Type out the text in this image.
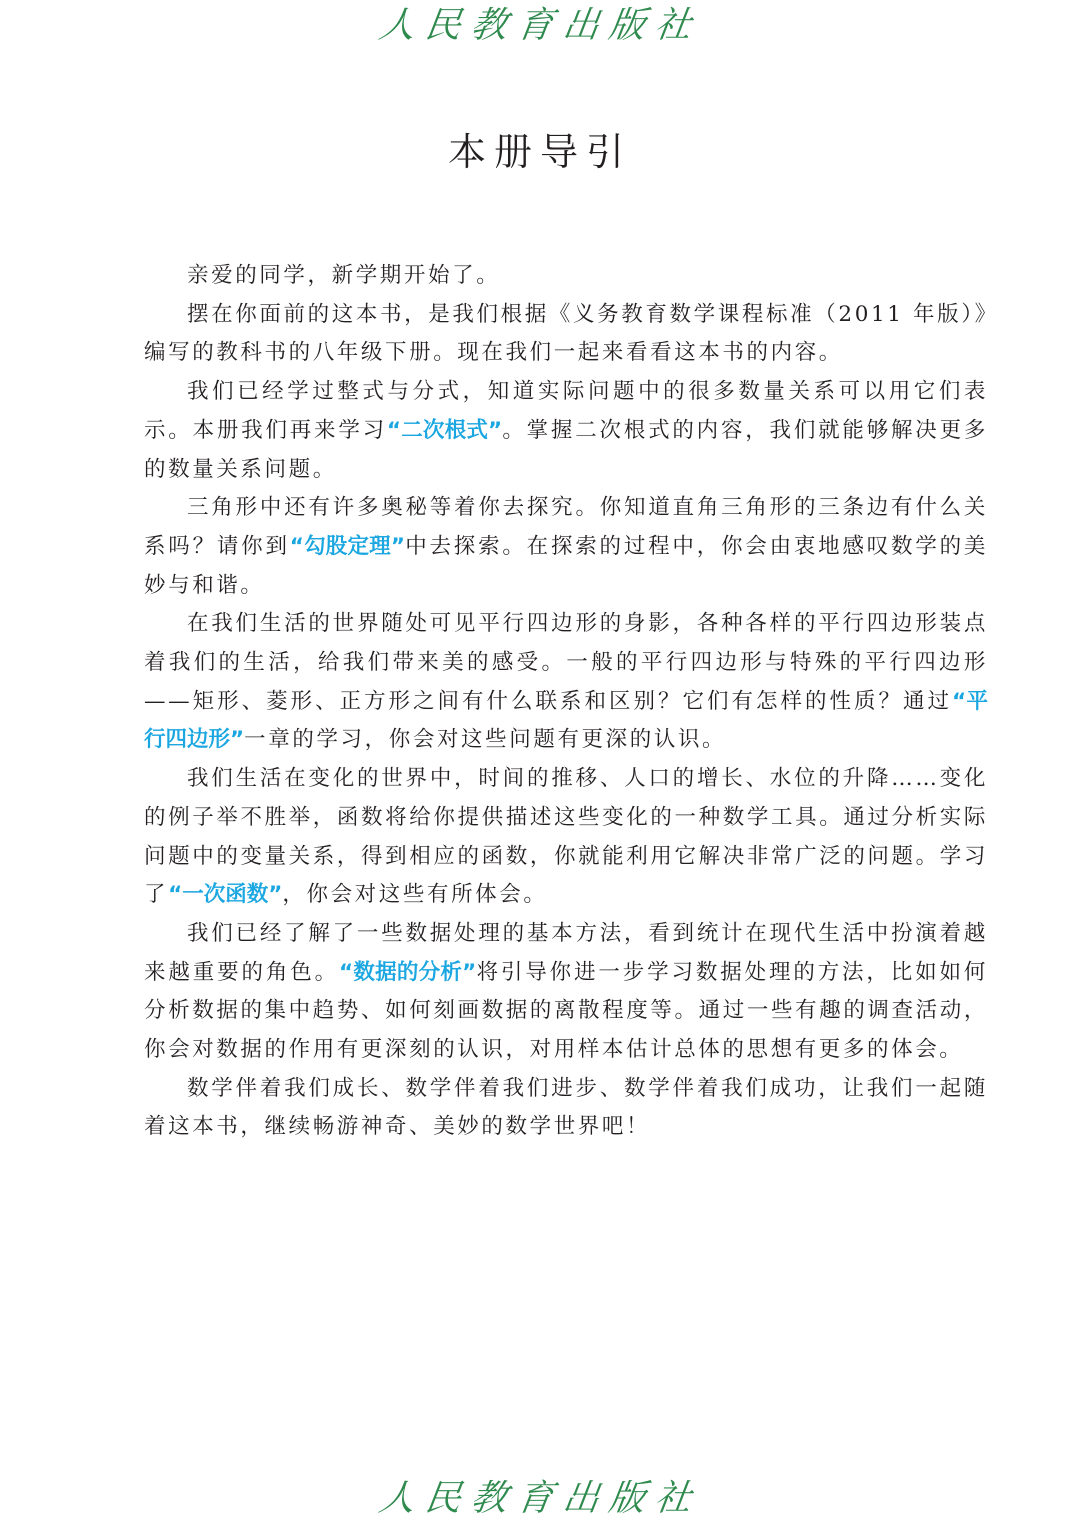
人民教育出版社
本册导引

亲爱的同学，新学期开始了。

摆在你面前的这本书，是我们根据《义务教育数学课程标准（2011 年版）》编写的教科书的八年级下册。现在我们一起来看看这本书的内容。

我们已经学过整式与分式，知道实际问题中的很多数量关系可以用它们表示。本册我们再来学习“二次根式”。掌握二次根式的内容，我们就能够解决更多的数量关系问题。

三角形中还有许多奥秘等着你去探究。你知道直角三角形的三条边有什么关系吗？请你到“勾股定理”中去探索。在探索的过程中，你会由衷地感叹数学的美妙与和谐。

在我们生活的世界随处可见平行四边形的身影，各种各样的平行四边形装点着我们的生活，给我们带来美的感受。一般的平行四边形与特殊的平行四边形——矩形、菱形、正方形之间有什么联系和区别？它们有怎样的性质？通过“平行四边形”一章的学习，你会对这些问题有更深的认识。

我们生活在变化的世界中，时间的推移、人口的增长、水位的升降……变化的例子举不胜举，函数将给你提供描述这些变化的一种数学工具。通过分析实际问题中的变量关系，得到相应的函数，你就能利用它解决非常广泛的问题。学习了“一次函数”，你会对这些有所体会。

我们已经了解了一些数据处理的基本方法，看到统计在现代生活中扮演着越来越重要的角色。“数据的分析”将引导你进一步学习数据处理的方法，比如如何分析数据的集中趋势、如何刻画数据的离散程度等。通过一些有趣的调查活动，你会对数据的作用有更深刻的认识，对用样本估计总体的思想有更多的体会。

数学伴着我们成长、数学伴着我们进步、数学伴着我们成功，让我们一起随着这本书，继续畅游神奇、美妙的数学世界吧！

人民教育出版社
